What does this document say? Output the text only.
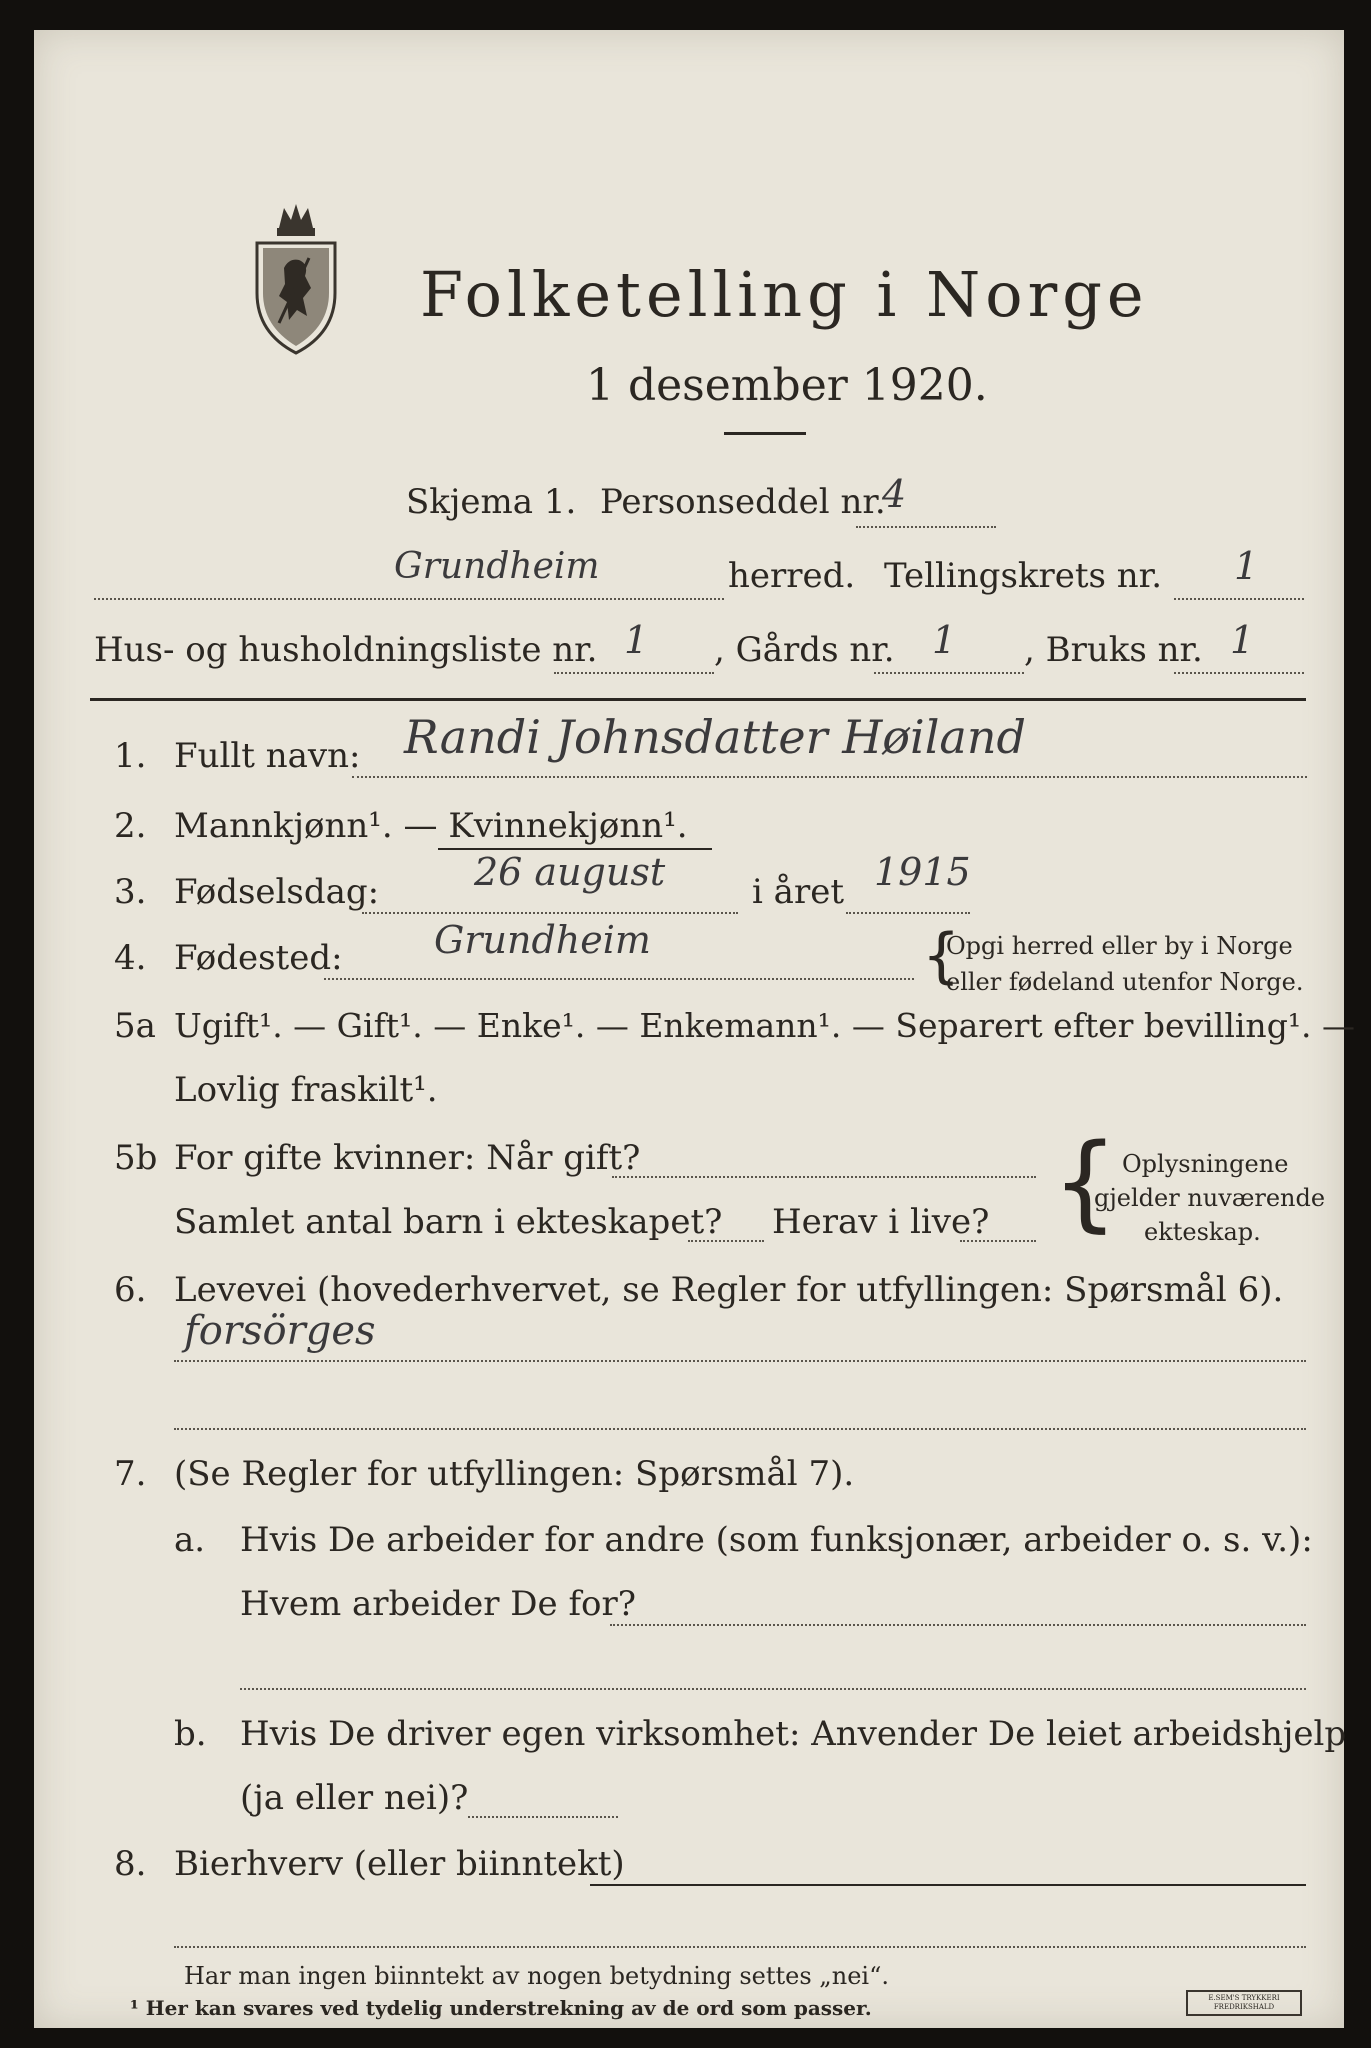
Folketelling i Norge
1 desember 1920.
Skjema 1. Personseddel nr.
4
Grundheim	herred. Tellingskrets nr. 1
Hus- og husholdningsliste nr. 1 , Gårds nr. 1 , Bruks nr. 1
1. Fullt navn: Randi Johnsdatter Høiland
2. Mannkjønn¹. — Kvinnekjønn¹.
3. Fødselsdag: 26 august	i året 1915
4. Fødested: Grundheim	{
Opgi herred eller by i Norge
eller fødeland utenfor Norge.
5a Ugift¹. — Gift¹. — Enke¹. — Enkemann¹. — Separert efter bevilling¹. —
Lovlig fraskilt¹.
5b For gifte kvinner: Når gift?
Samlet antal barn i ekteskapet? Herav i live? { Oplysningene
gjelder nuværende
ekteskap.
6. Levevei (hovederhvervet, se Regler for utfyllingen: Spørsmål 6).
forsörges
7. (Se Regler for utfyllingen: Spørsmål 7).
a. Hvis De arbeider for andre (som funksjonær, arbeider o. s. v.):
Hvem arbeider De for?
b. Hvis De driver egen virksomhet: Anvender De leiet arbeidshjelp
(ja eller nei)?
8. Bierhverv (eller biinntekt)
Har man ingen biinntekt av nogen betydning settes „nei“.
¹ Her kan svares ved tydelig understrekning av de ord som passer.	E.SEM'S TRYKKERI FREDRIKSHALD
